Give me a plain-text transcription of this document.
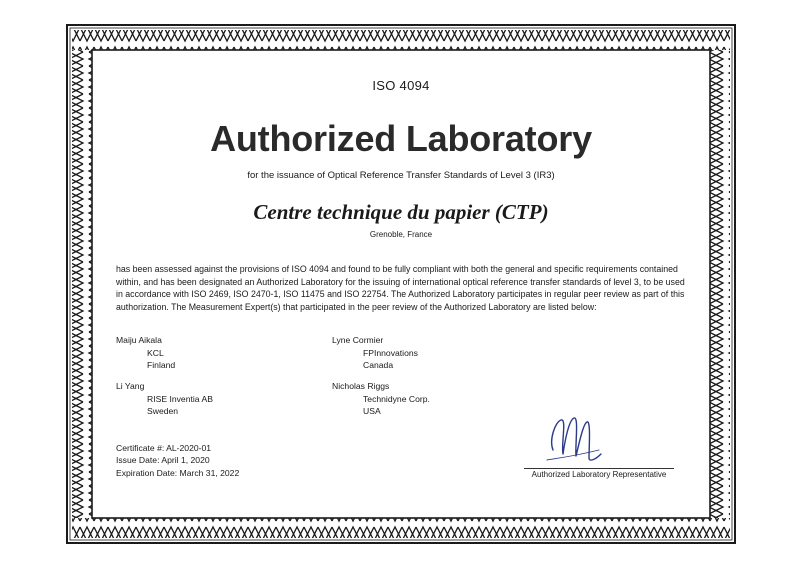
ISO 4094
Authorized Laboratory
for the issuance of Optical Reference Transfer Standards of Level 3 (IR3)
Centre technique du papier (CTP)
Grenoble, France
has been assessed against the provisions of ISO 4094 and found to be fully compliant with both the general and specific requirements contained within, and has been designated an Authorized Laboratory for the issuing of international optical reference transfer standards of level 3, to be used in accordance with ISO 2469, ISO 2470-1, ISO 11475 and ISO 22754. The Authorized Laboratory participates in regular peer review as part of this authorization. The Measurement Expert(s) that participated in the peer review of the Authorized Laboratory are listed below:
Maiju Aikala
KCL
Finland
Lyne Cormier
FPInnovations
Canada
Li Yang
RISE Inventia AB
Sweden
Nicholas Riggs
Technidyne Corp.
USA
Certificate #: AL-2020-01
Issue Date: April 1, 2020
Expiration Date: March 31, 2022	Authorized Laboratory Representative
